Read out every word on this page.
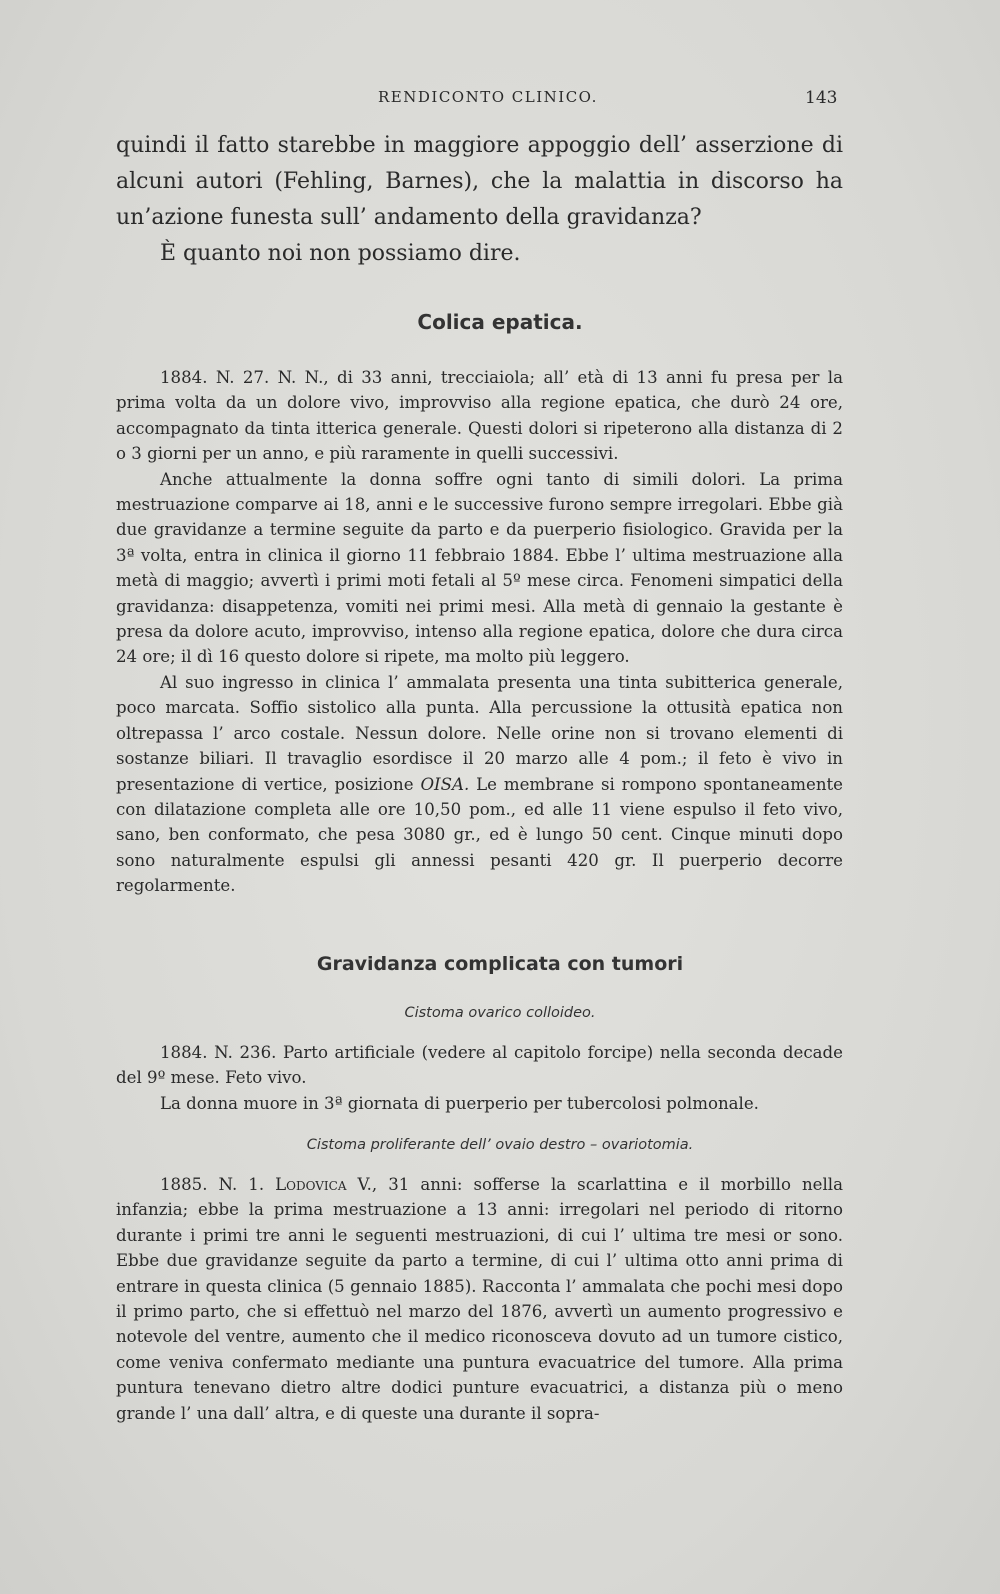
RENDICONTO CLINICO.	143

quindi il fatto starebbe in maggiore appoggio dell’ asserzione di alcuni autori (Fehling, Barnes), che la malattia in discorso ha un’azione funesta sull’ andamento della gravidanza?

È quanto noi non possiamo dire.

Colica epatica.

1884. N. 27. N. N., di 33 anni, trecciaiola; all’ età di 13 anni fu presa per la prima volta da un dolore vivo, improvviso alla regione epatica, che durò 24 ore, accompagnato da tinta itterica generale. Questi dolori si ripeterono alla distanza di 2 o 3 giorni per un anno, e più raramente in quelli successivi.

Anche attualmente la donna soffre ogni tanto di simili dolori. La prima mestruazione comparve ai 18, anni e le successive furono sempre irregolari. Ebbe già due gravidanze a termine seguite da parto e da puerperio fisiologico. Gravida per la 3ª volta, entra in clinica il giorno 11 febbraio 1884. Ebbe l’ ultima mestruazione alla metà di maggio; avvertì i primi moti fetali al 5º mese circa. Fenomeni simpatici della gravidanza: disappetenza, vomiti nei primi mesi. Alla metà di gennaio la gestante è presa da dolore acuto, improvviso, intenso alla regione epatica, dolore che dura circa 24 ore; il dì 16 questo dolore si ripete, ma molto più leggero.

Al suo ingresso in clinica l’ ammalata presenta una tinta subitterica generale, poco marcata. Soffio sistolico alla punta. Alla percussione la ottusità epatica non oltrepassa l’ arco costale. Nessun dolore. Nelle orine non si trovano elementi di sostanze biliari. Il travaglio esordisce il 20 marzo alle 4 pom.; il feto è vivo in presentazione di vertice, posizione OISA. Le membrane si rompono spontaneamente con dilatazione completa alle ore 10,50 pom., ed alle 11 viene espulso il feto vivo, sano, ben conformato, che pesa 3080 gr., ed è lungo 50 cent. Cinque minuti dopo sono naturalmente espulsi gli annessi pesanti 420 gr. Il puerperio decorre regolarmente.

Gravidanza complicata con tumori
Cistoma ovarico colloideo.

1884. N. 236. Parto artificiale (vedere al capitolo forcipe) nella seconda decade del 9º mese. Feto vivo.

La donna muore in 3ª giornata di puerperio per tubercolosi polmonale.

Cistoma proliferante dell’ ovaio destro – ovariotomia.

1885. N. 1. Lodovica V., 31 anni: sofferse la scarlattina e il morbillo nella infanzia; ebbe la prima mestruazione a 13 anni: irregolari nel periodo di ritorno durante i primi tre anni le seguenti mestruazioni, di cui l’ ultima tre mesi or sono. Ebbe due gravidanze seguite da parto a termine, di cui l’ ultima otto anni prima di entrare in questa clinica (5 gennaio 1885). Racconta l’ ammalata che pochi mesi dopo il primo parto, che si effettuò nel marzo del 1876, avvertì un aumento progressivo e notevole del ventre, aumento che il medico riconosceva dovuto ad un tumore cistico, come veniva confermato mediante una puntura evacuatrice del tumore. Alla prima puntura tenevano dietro altre dodici punture evacuatrici, a distanza più o meno grande l’ una dall’ altra, e di queste una durante il sopra-
